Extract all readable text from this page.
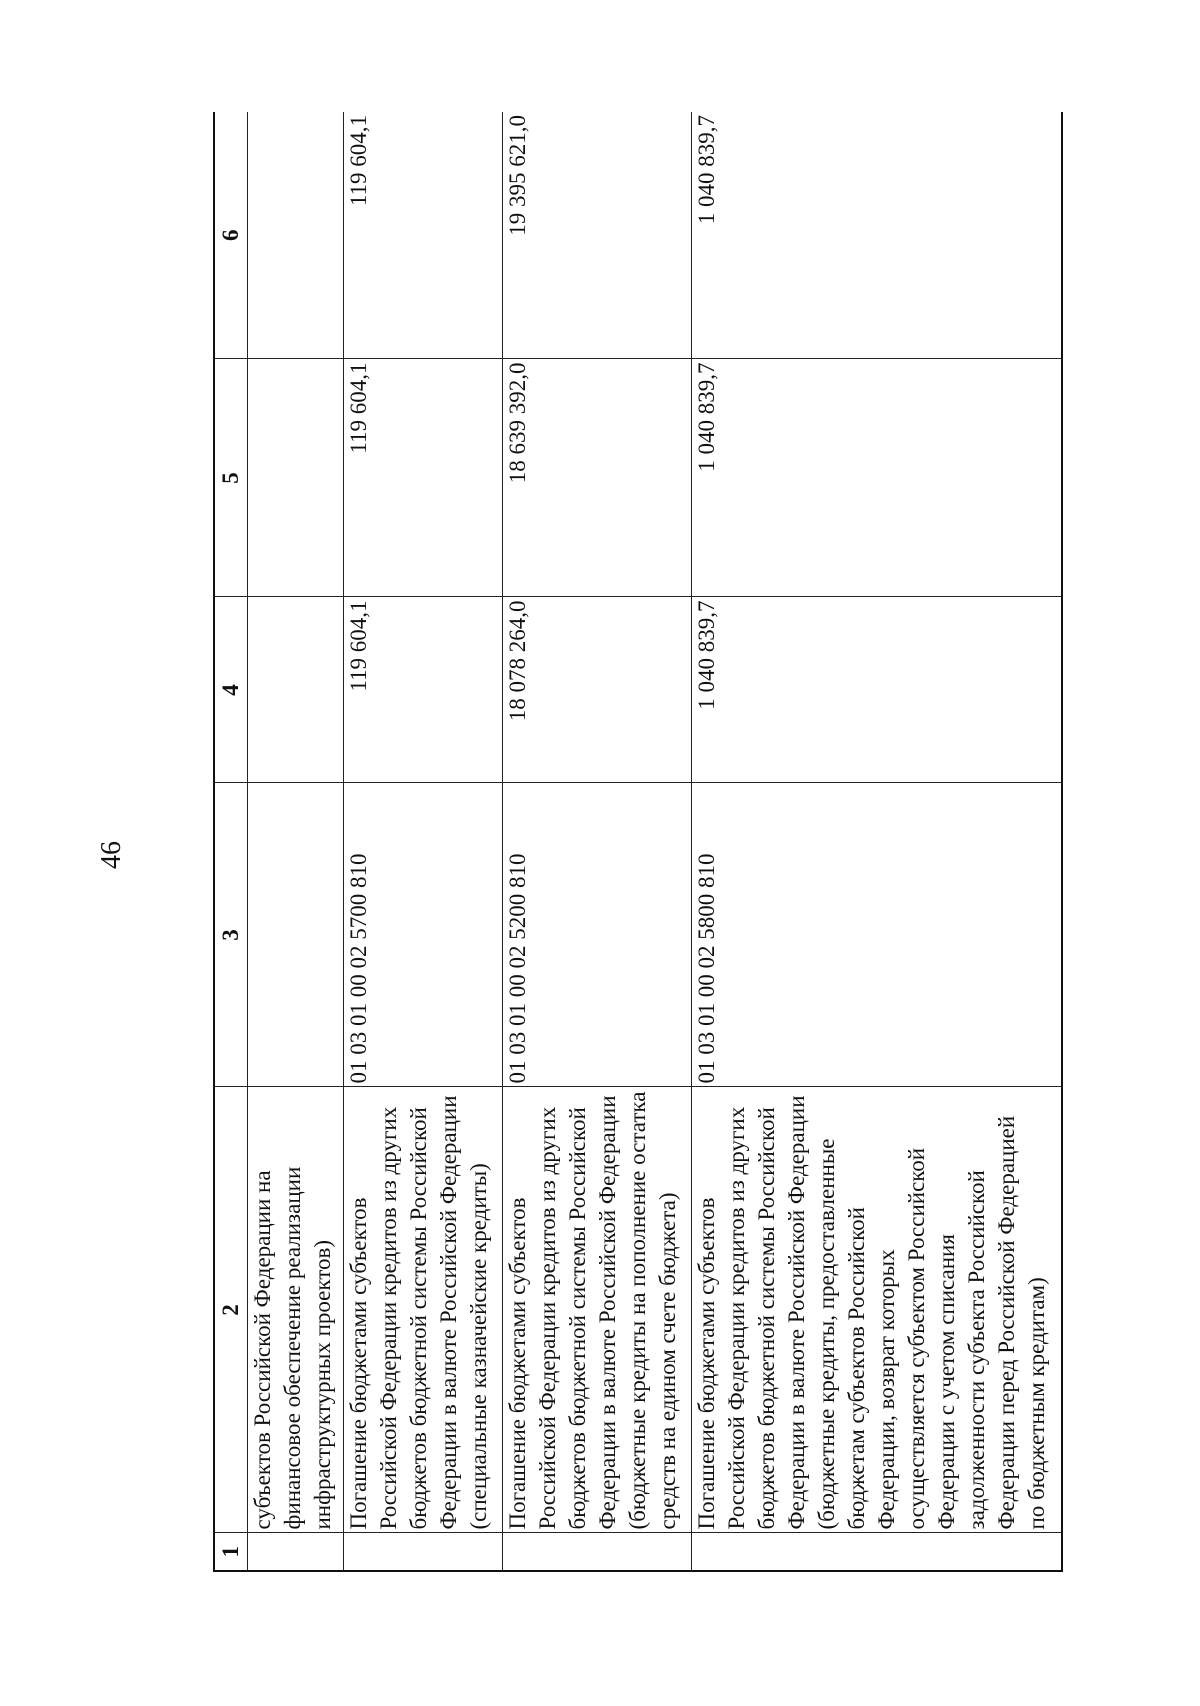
46
1	2	3	4	5	6
	субъектов Российской Федерации на финансовое обеспечение реализации инфраструктурных проектов)				
	Погашение бюджетами субъектов Российской Федерации кредитов из других бюджетов бюджетной системы Российской Федерации в валюте Российской Федерации (специальные казначейские кредиты)	01 03 01 00 02 5700 810	119 604,1	119 604,1	119 604,1
	Погашение бюджетами субъектов Российской Федерации кредитов из других бюджетов бюджетной системы Российской Федерации в валюте Российской Федерации (бюджетные кредиты на пополнение остатка средств на едином счете бюджета)	01 03 01 00 02 5200 810	18 078 264,0	18 639 392,0	19 395 621,0
	Погашение бюджетами субъектов Российской Федерации кредитов из других бюджетов бюджетной системы Российской Федерации в валюте Российской Федерации (бюджетные кредиты, предоставленные бюджетам субъектов Российской Федерации, возврат которых осуществляется субъектом Российской Федерации с учетом списания задолженности субъекта Российской Федерации перед Российской Федерацией по бюджетным кредитам)	01 03 01 00 02 5800 810	1 040 839,7	1 040 839,7	1 040 839,7
